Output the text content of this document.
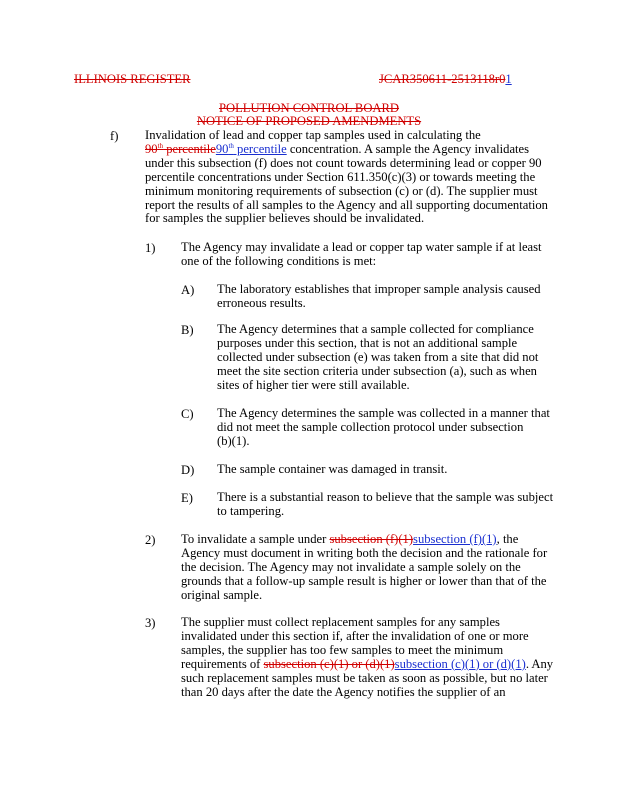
ILLINOIS REGISTER	JCAR350611-2513118r01
POLLUTION CONTROL BOARD
NOTICE OF PROPOSED AMENDMENTS
f) Invalidation of lead and copper tap samples used in calculating the
90th percentile90th percentile concentration. A sample the Agency invalidates
under this subsection (f) does not count towards determining lead or copper 90
percentile concentrations under Section 611.350(c)(3) or towards meeting the
minimum monitoring requirements of subsection (c) or (d). The supplier must
report the results of all samples to the Agency and all supporting documentation
for samples the supplier believes should be invalidated.
1) The Agency may invalidate a lead or copper tap water sample if at least
one of the following conditions is met:
A) The laboratory establishes that improper sample analysis caused
erroneous results.
B) The Agency determines that a sample collected for compliance
purposes under this section, that is not an additional sample
collected under subsection (e) was taken from a site that did not
meet the site section criteria under subsection (a), such as when
sites of higher tier were still available.
C) The Agency determines the sample was collected in a manner that
did not meet the sample collection protocol under subsection
(b)(1).
D) The sample container was damaged in transit.
E) There is a substantial reason to believe that the sample was subject
to tampering.
2) To invalidate a sample under subsection (f)(1)subsection (f)(1), the
Agency must document in writing both the decision and the rationale for
the decision. The Agency may not invalidate a sample solely on the
grounds that a follow-up sample result is higher or lower than that of the
original sample.
3) The supplier must collect replacement samples for any samples
invalidated under this section if, after the invalidation of one or more
samples, the supplier has too few samples to meet the minimum
requirements of subsection (c)(1) or (d)(1)subsection (c)(1) or (d)(1). Any
such replacement samples must be taken as soon as possible, but no later
than 20 days after the date the Agency notifies the supplier of an
